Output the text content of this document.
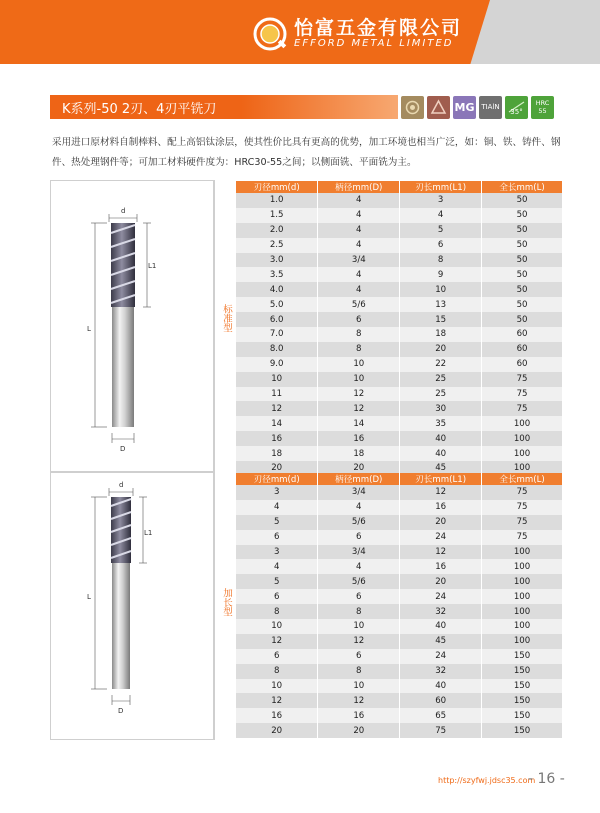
怡富五金有限公司
EFFORD METAL LIMITED
K系列-50 2刃、4刃平铣刀	MG TIAlN
35°
HRC 55
采用进口原材料自制棒料、配上高铝钛涂层，使其性价比具有更高的优势，加工环境也相当广泛，如：铜、铁、铸件、钢件、热处理钢件等；可加工材料硬件度为：HRC30-55之间；以侧面铣、平面铣为主。
d
L1
L
D
d
L1
L
D
标准型
加长型
刃径mm(d)	柄径mm(D)	刃长mm(L1)	全长mm(L)
1.0	4	3	50
1.5	4	4	50
2.0	4	5	50
2.5	4	6	50
3.0	3/4	8	50
3.5	4	9	50
4.0	4	10	50
5.0	5/6	13	50
6.0	6	15	50
7.0	8	18	60
8.0	8	20	60
9.0	10	22	60
10	10	25	75
11	12	25	75
12	12	30	75
14	14	35	100
16	16	40	100
18	18	40	100
20	20	45	100
刃径mm(d)	柄径mm(D)	刃长mm(L1)	全长mm(L)
3	3/4	12	75
4	4	16	75
5	5/6	20	75
6	6	24	75
3	3/4	12	100
4	4	16	100
5	5/6	20	100
6	6	24	100
8	8	32	100
10	10	40	100
12	12	45	100
6	6	24	150
8	8	32	150
10	10	40	150
12	12	60	150
16	16	65	150
20	20	75	150
http://szyfwj.jdsc35.com
- 16 -
